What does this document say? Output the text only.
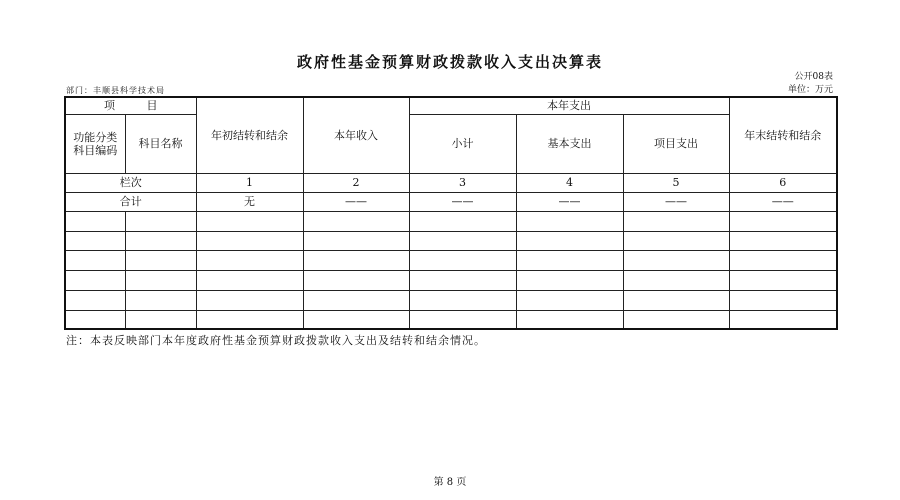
政府性基金预算财政拨款收入支出决算表
公开08表
部门：丰顺县科学技术局	单位：万元
项 目		年初结转和结余	本年收入	本年支出			年末结转和结余

功能分类
科目编码	科目名称			小计	基本支出	项目支出	
栏次		1	2	3	4	5	6
合计		无	——	——	——	——	——

注：本表反映部门本年度政府性基金预算财政拨款收入支出及结转和结余情况。
第 8 页
